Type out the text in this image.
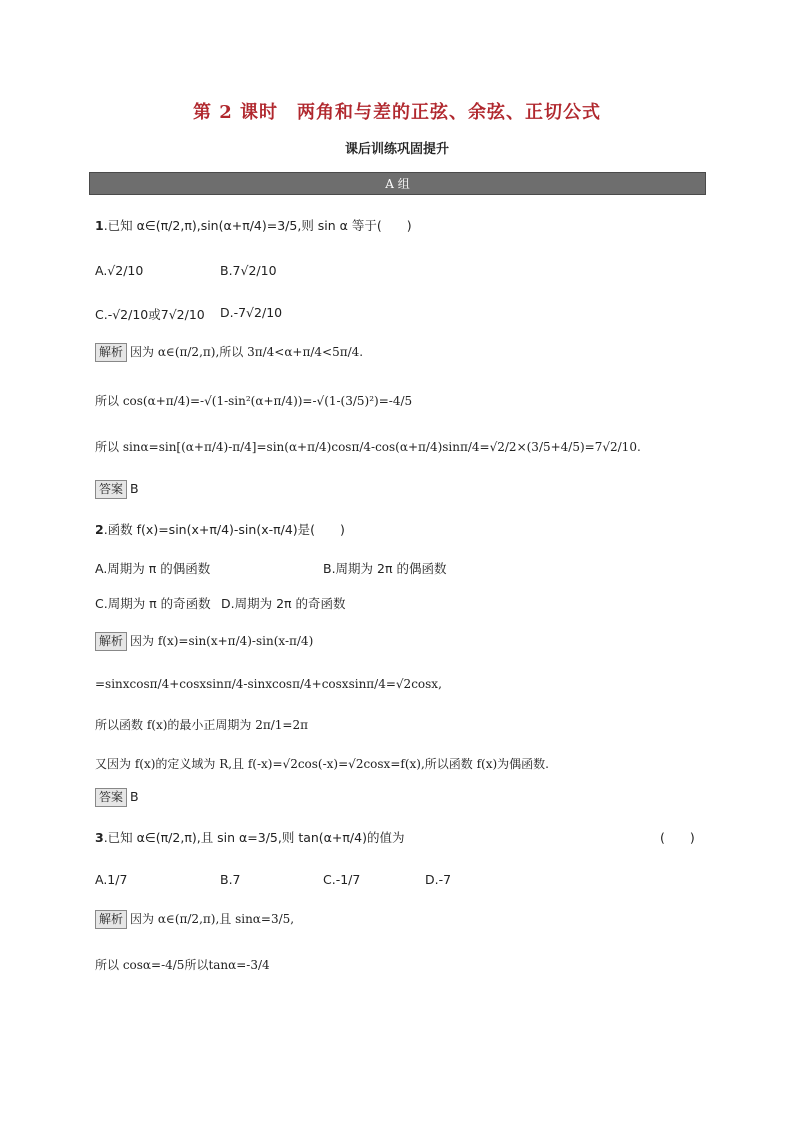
第 2 课时　两角和与差的正弦、余弦、正切公式
课后训练巩固提升
A 组
1.已知 α∈(π/2,π),sin(α+π/4)=3/5,则 sin α 等于(　　)
A.√2/10	B.7√2/10
C.-√2/10或7√2/10 D.-7√2/10
解析 因为 α∈(π/2,π),所以 3π/4<α+π/4<5π/4.
所以 cos(α+π/4)=-√(1-sin²(α+π/4))=-√(1-(3/5)²)=-4/5
所以 sinα=sin[(α+π/4)-π/4]=sin(α+π/4)cosπ/4-cos(α+π/4)sinπ/4=√2/2×(3/5+4/5)=7√2/10.
答案 B
2.函数 f(x)=sin(x+π/4)-sin(x-π/4)是(　　)
A.周期为 π 的偶函数	B.周期为 2π 的偶函数
C.周期为 π 的奇函数 D.周期为 2π 的奇函数
解析 因为 f(x)=sin(x+π/4)-sin(x-π/4)
=sinxcosπ/4+cosxsinπ/4-sinxcosπ/4+cosxsinπ/4=√2cosx,
所以函数 f(x)的最小正周期为 2π/1=2π
又因为 f(x)的定义域为 R,且 f(-x)=√2cos(-x)=√2cosx=f(x),所以函数 f(x)为偶函数.
答案 B
3.已知 α∈(π/2,π),且 sin α=3/5,则 tan(α+π/4)的值为	(　　)
A.1/7	B.7	C.-1/7	D.-7
解析 因为 α∈(π/2,π),且 sinα=3/5,
所以 cosα=-4/5所以tanα=-3/4
